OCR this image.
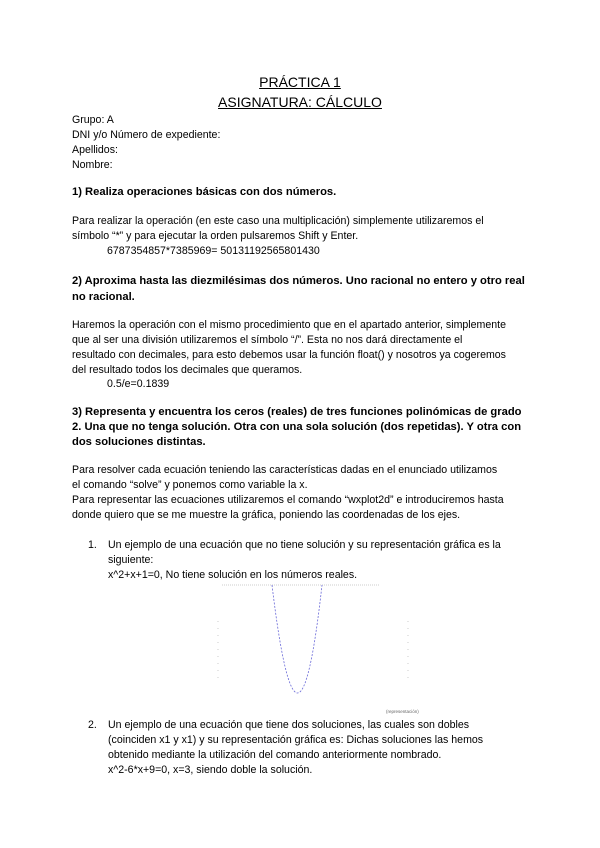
PRÁCTICA 1
ASIGNATURA: CÁLCULO
Grupo: A
DNI y/o Número de expediente:
Apellidos:
Nombre:
1) Realiza operaciones básicas con dos números.
Para realizar la operación (en este caso una multiplicación) simplemente utilizaremos el
símbolo “*” y para ejecutar la orden pulsaremos Shift y Enter.
6787354857*7385969= 50131192565801430
2) Aproxima hasta las diezmilésimas dos números. Uno racional no entero y otro real
no racional.
Haremos la operación con el mismo procedimiento que en el apartado anterior, simplemente
que al ser una división utilizaremos el símbolo “/”. Esta no nos dará directamente el
resultado con decimales, para esto debemos usar la función float() y nosotros ya cogeremos
del resultado todos los decimales que queramos.
0.5/e=0.1839
3) Representa y encuentra los ceros (reales) de tres funciones polinómicas de grado
2. Una que no tenga solución. Otra con una sola solución (dos repetidas). Y otra con
dos soluciones distintas.
Para resolver cada ecuación teniendo las características dadas en el enunciado utilizamos
el comando “solve” y ponemos como variable la x.
Para representar las ecuaciones utilizaremos el comando “wxplot2d” e introduciremos hasta
donde quiero que se me muestre la gráfica, poniendo las coordenadas de los ejes.
1. Un ejemplo de una ecuación que no tiene solución y su representación gráfica es la
siguiente:
x^2+x+1=0, No tiene solución en los números reales.
(representación)
2. Un ejemplo de una ecuación que tiene dos soluciones, las cuales son dobles
(coinciden x1 y x1) y su representación gráfica es: Dichas soluciones las hemos
obtenido mediante la utilización del comando anteriormente nombrado.
x^2-6*x+9=0, x=3, siendo doble la solución.
